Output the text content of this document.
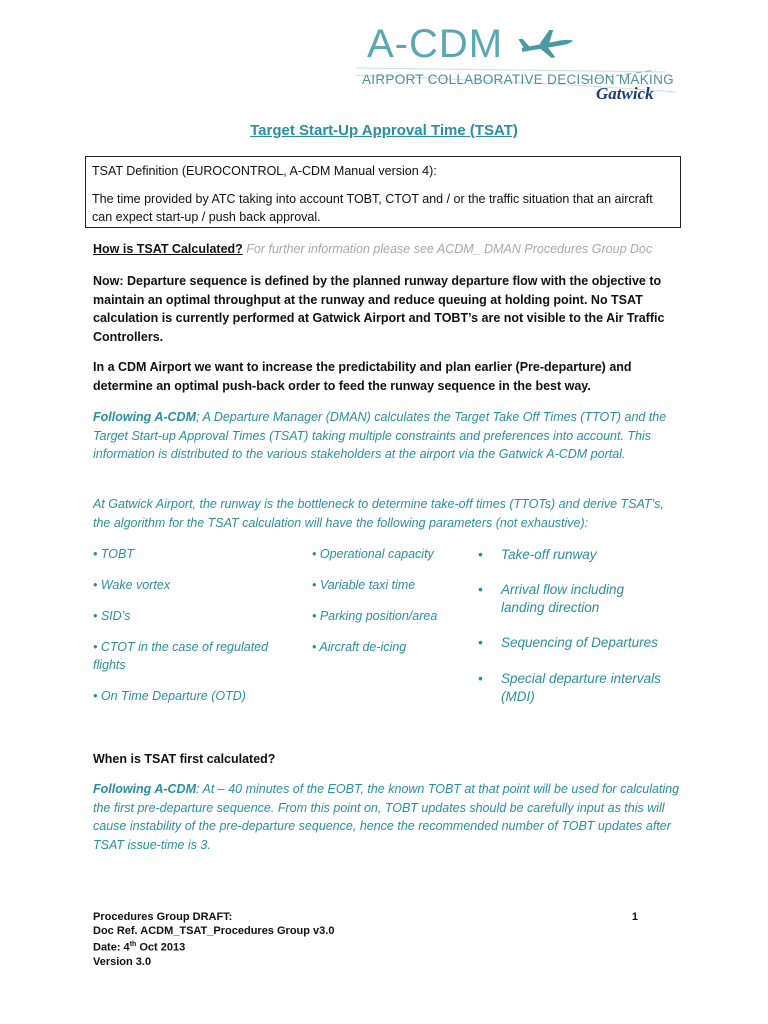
A-CDM
AIRPORT COLLABORATIVE DECISION MAKING
Gatwick
Target Start-Up Approval Time (TSAT)

TSAT Definition (EUROCONTROL, A-CDM Manual version 4):

The time provided by ATC taking into account TOBT, CTOT and / or the traffic situation that an aircraft can expect start-up / push back approval.

How is TSAT Calculated? For further information please see ACDM_ DMAN Procedures Group Doc
Now: Departure sequence is defined by the planned runway departure flow with the objective to maintain an optimal throughput at the runway and reduce queuing at holding point. No TSAT calculation is currently performed at Gatwick Airport and TOBT’s are not visible to the Air Traffic Controllers.
In a CDM Airport we want to increase the predictability and plan earlier (Pre-departure) and determine an optimal push-back order to feed the runway sequence in the best way.
Following A-CDM; A Departure Manager (DMAN) calculates the Target Take Off Times (TTOT) and the Target Start-up Approval Times (TSAT) taking multiple constraints and preferences into account. This information is distributed to the various stakeholders at the airport via the Gatwick A-CDM portal.
At Gatwick Airport, the runway is the bottleneck to determine take-off times (TTOTs) and derive TSAT’s, the algorithm for the TSAT calculation will have the following parameters (not exhaustive):
• TOBT
• Wake vortex
• SID’s
• CTOT in the case of regulated flights
• On Time Departure (OTD)
• Operational capacity
• Variable taxi time
• Parking position/area
• Aircraft de-icing
• Take-off runway
• Arrival flow including landing direction
• Sequencing of Departures
• Special departure intervals (MDI)
When is TSAT first calculated?
Following A-CDM: At – 40 minutes of the EOBT, the known TOBT at that point will be used for calculating the first pre-departure sequence. From this point on, TOBT updates should be carefully input as this will cause instability of the pre-departure sequence, hence the recommended number of TOBT updates after TSAT issue-time is 3.
Procedures Group DRAFT:
Doc Ref. ACDM_TSAT_Procedures Group v3.0
Date: 4th Oct 2013
Version 3.0
1
